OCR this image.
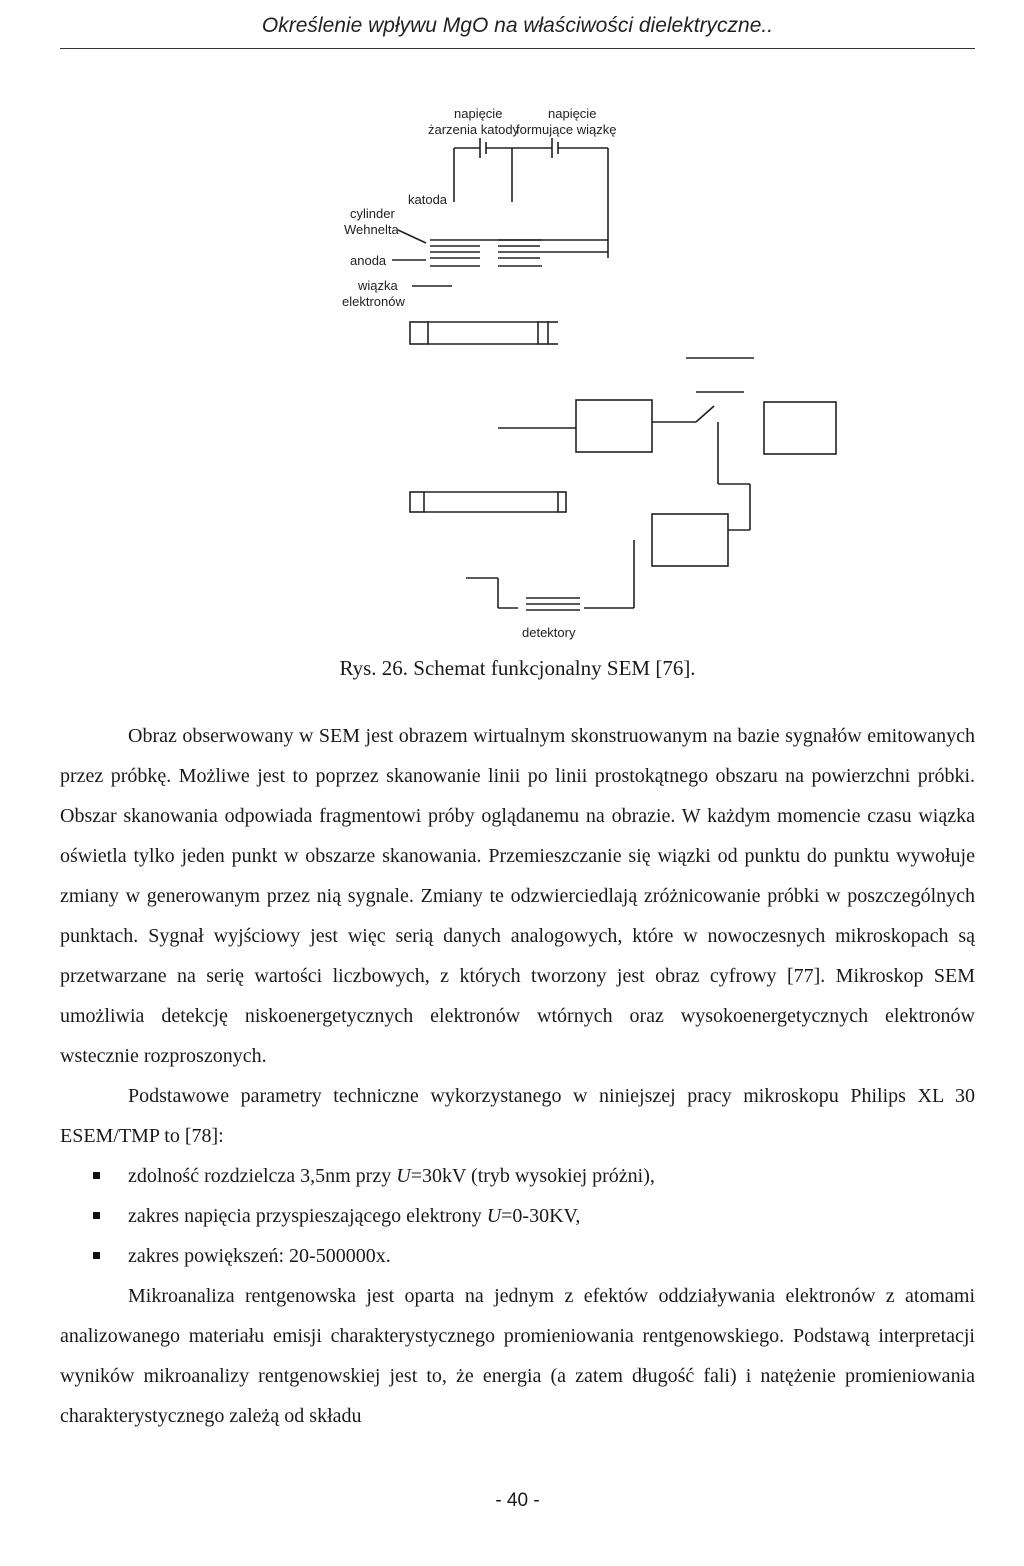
Określenie wpływu MgO na właściwości dielektryczne..
napięcie
żarzenia katody
napięcie
formujące wiązkę
katoda
cylinder
Wehnelta
anoda
wiązka
elektronów
detektory
Rys. 26. Schemat funkcjonalny SEM [76].

Obraz obserwowany w SEM jest obrazem wirtualnym skonstruowanym na bazie sygnałów emitowanych przez próbkę. Możliwe jest to poprzez skanowanie linii po linii prostokątnego obszaru na powierzchni próbki. Obszar skanowania odpowiada fragmentowi próby oglądanemu na obrazie. W każdym momencie czasu wiązka oświetla tylko jeden punkt w obszarze skanowania. Przemieszczanie się wiązki od punktu do punktu wywołuje zmiany w generowanym przez nią sygnale. Zmiany te odzwierciedlają zróżnicowanie próbki w poszczególnych punktach. Sygnał wyjściowy jest więc serią danych analogowych, które w nowoczesnych mikroskopach są przetwarzane na serię wartości liczbowych, z których tworzony jest obraz cyfrowy [77]. Mikroskop SEM umożliwia detekcję niskoenergetycznych elektronów wtórnych oraz wysokoenergetycznych elektronów wstecznie rozproszonych.

Podstawowe parametry techniczne wykorzystanego w niniejszej pracy mikroskopu Philips XL 30 ESEM/TMP to [78]:

zdolność rozdzielcza 3,5nm przy U=30kV (tryb wysokiej próżni),
zakres napięcia przyspieszającego elektrony U=0-30KV,
zakres powiększeń: 20-500000x.

Mikroanaliza rentgenowska jest oparta na jednym z efektów oddziaływania elektronów z atomami analizowanego materiału emisji charakterystycznego promieniowania rentgenowskiego. Podstawą interpretacji wyników mikroanalizy rentgenowskiej jest to, że energia (a zatem długość fali) i natężenie promieniowania charakterystycznego zależą od składu

- 40 -
